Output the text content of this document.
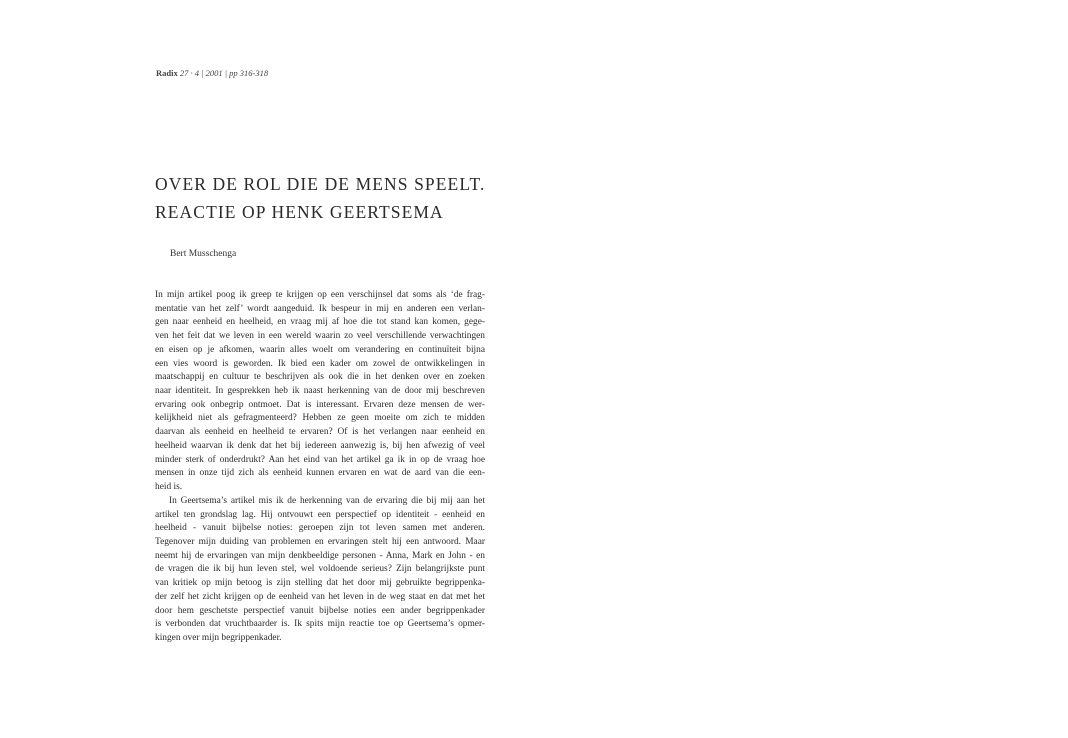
Radix 27 · 4 | 2001 | pp 316-318
OVER DE ROL DIE DE MENS SPEELT.
REACTIE OP HENK GEERTSEMA
Bert Musschenga
In mijn artikel poog ik greep te krijgen op een verschijnsel dat soms als ‘de frag-
mentatie van het zelf’ wordt aangeduid. Ik bespeur in mij en anderen een verlan-
gen naar eenheid en heelheid, en vraag mij af hoe die tot stand kan komen, gege-
ven het feit dat we leven in een wereld waarin zo veel verschillende verwachtingen
en eisen op je afkomen, waarin alles woelt om verandering en continuïteit bijna
een vies woord is geworden. Ik bied een kader om zowel de ontwikkelingen in
maatschappij en cultuur te beschrijven als ook die in het denken over en zoeken
naar identiteit. In gesprekken heb ik naast herkenning van de door mij beschreven
ervaring ook onbegrip ontmoet. Dat is interessant. Ervaren deze mensen de wer-
kelijkheid niet als gefragmenteerd? Hebben ze geen moeite om zich te midden
daarvan als eenheid en heelheid te ervaren? Of is het verlangen naar eenheid en
heelheid waarvan ik denk dat het bij iedereen aanwezig is, bij hen afwezig of veel
minder sterk of onderdrukt? Aan het eind van het artikel ga ik in op de vraag hoe
mensen in onze tijd zich als eenheid kunnen ervaren en wat de aard van die een-
heid is.
In Geertsema’s artikel mis ik de herkenning van de ervaring die bij mij aan het
artikel ten grondslag lag. Hij ontvouwt een perspectief op identiteit - eenheid en
heelheid - vanuit bijbelse noties: geroepen zijn tot leven samen met anderen.
Tegenover mijn duiding van problemen en ervaringen stelt hij een antwoord. Maar
neemt hij de ervaringen van mijn denkbeeldige personen - Anna, Mark en John - en
de vragen die ik bij hun leven stel, wel voldoende serieus? Zijn belangrijkste punt
van kritiek op mijn betoog is zijn stelling dat het door mij gebruikte begrippenka-
der zelf het zicht krijgen op de eenheid van het leven in de weg staat en dat met het
door hem geschetste perspectief vanuit bijbelse noties een ander begrippenkader
is verbonden dat vruchtbaarder is. Ik spits mijn reactie toe op Geertsema’s opmer-
kingen over mijn begrippenkader.
